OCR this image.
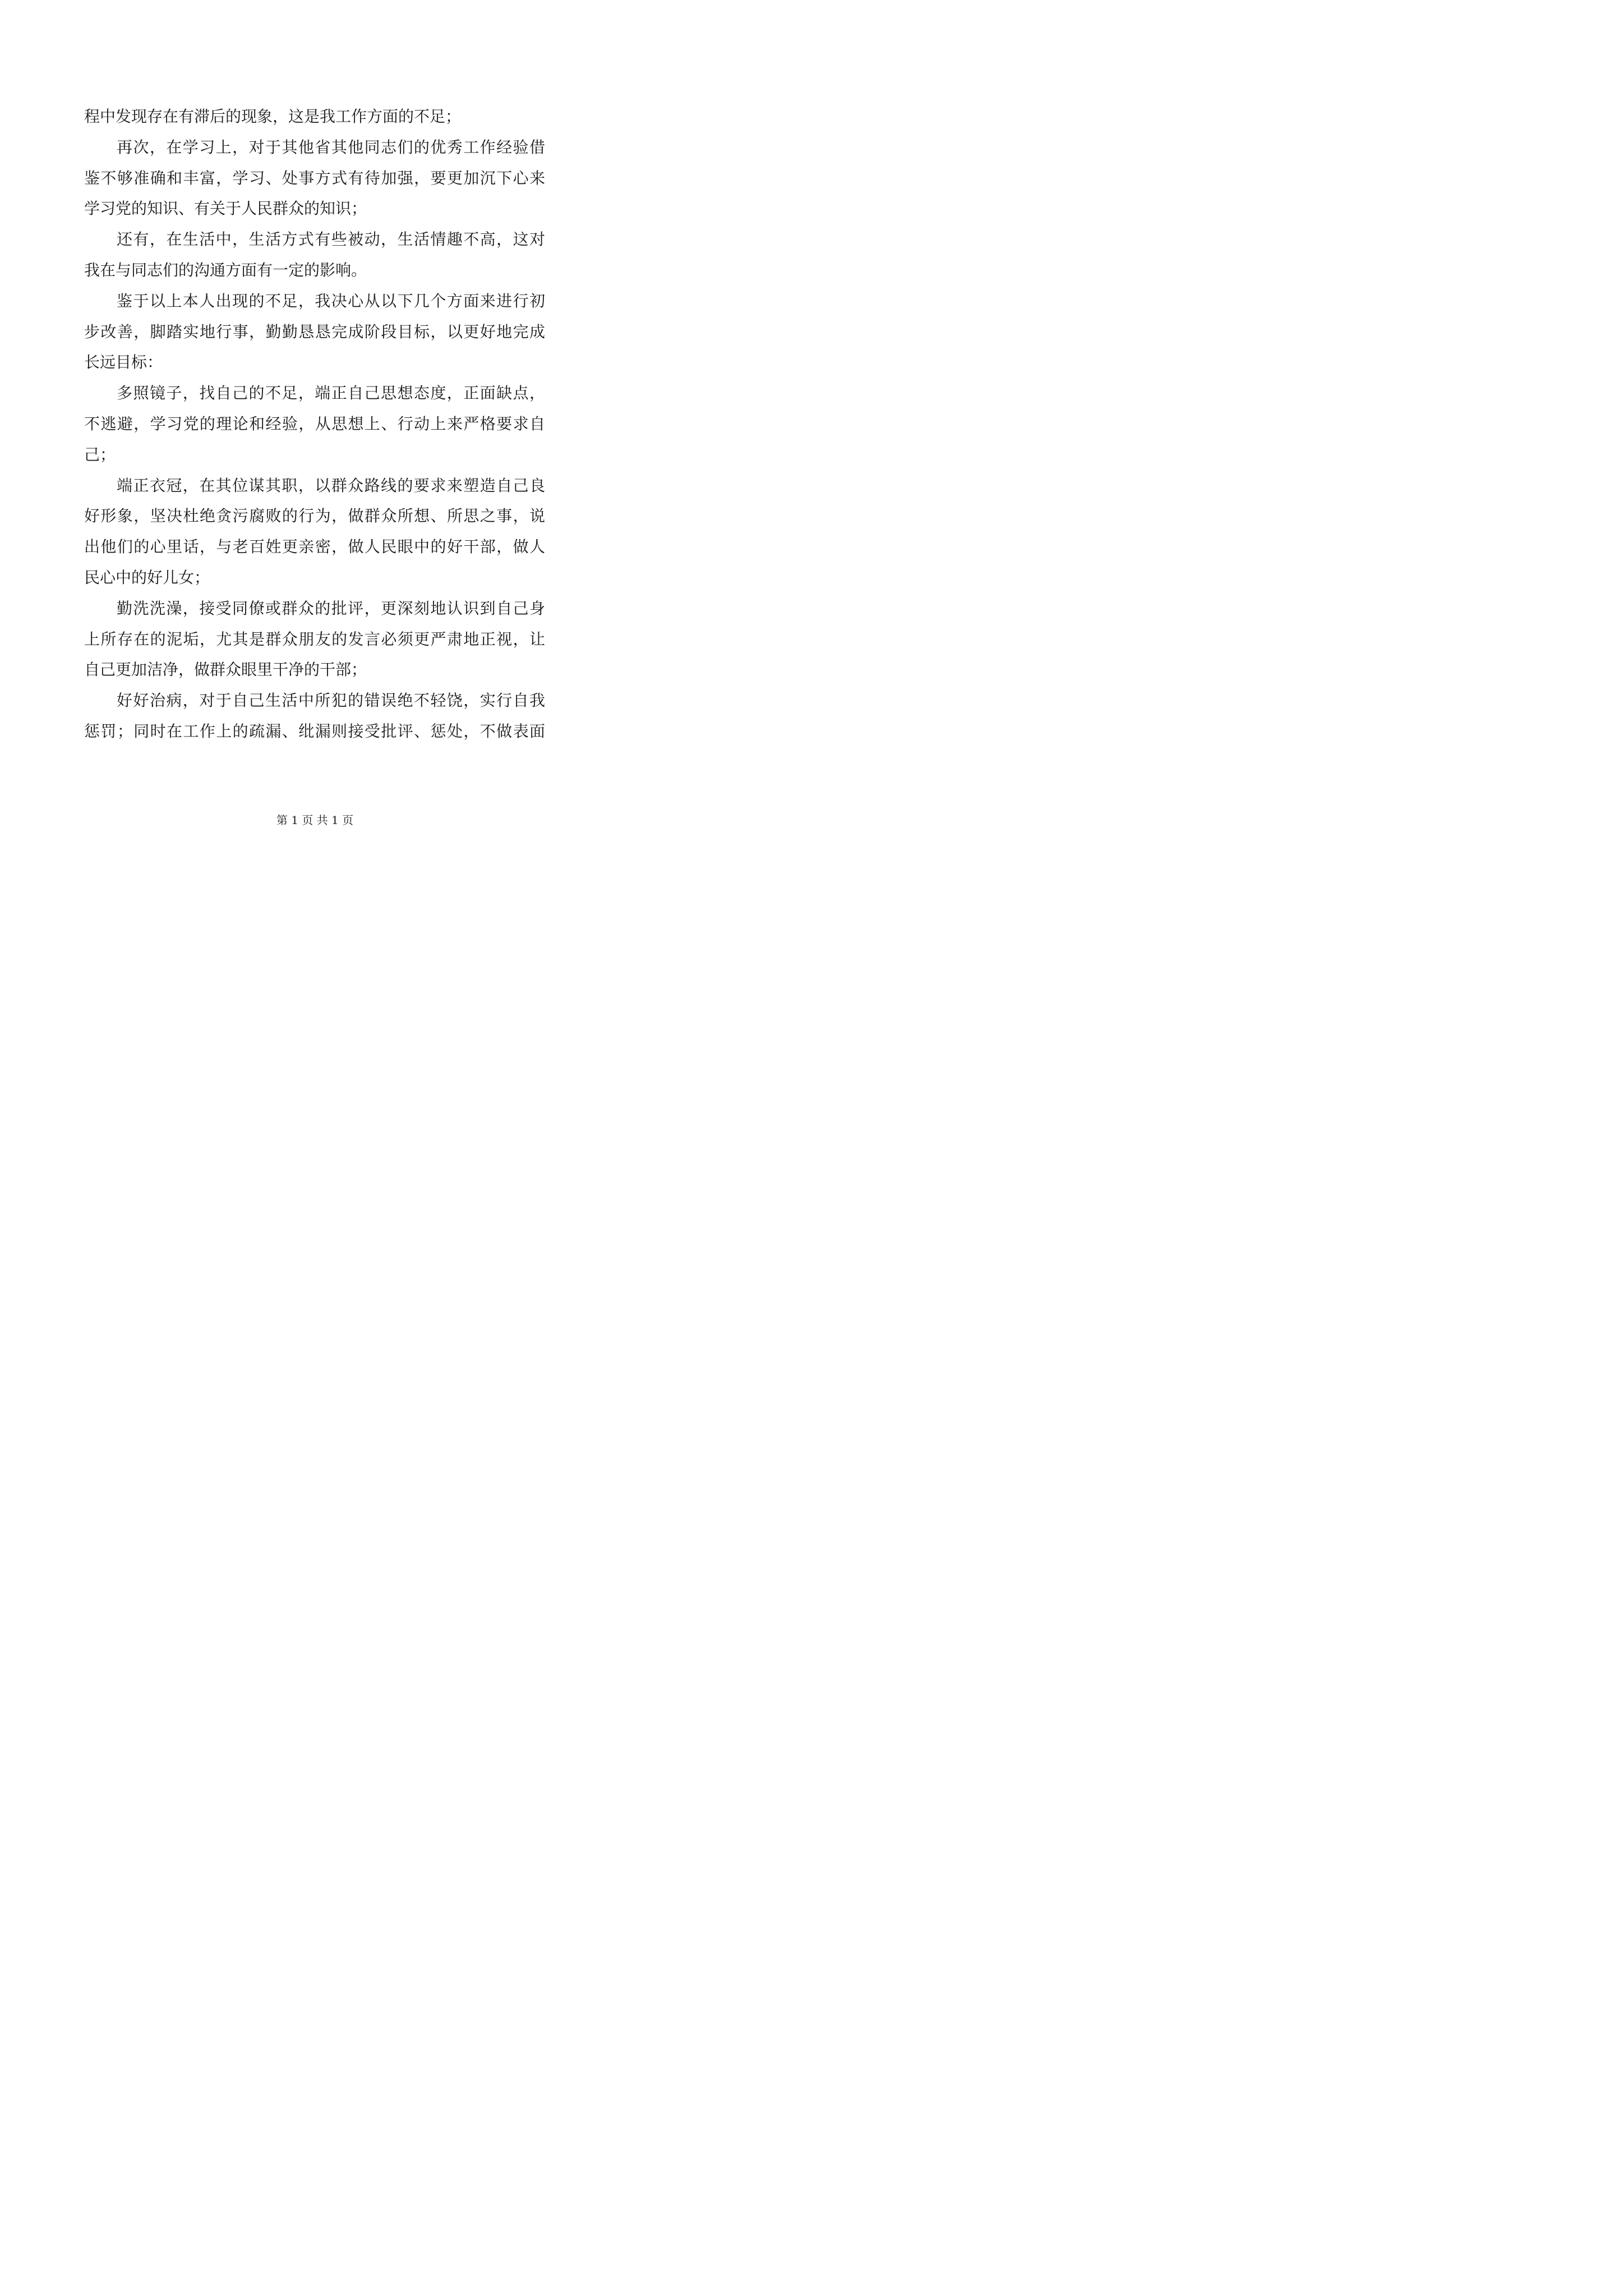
程中发现存在有滞后的现象，这是我工作方面的不足；
再次，在学习上，对于其他省其他同志们的优秀工作经验借
鉴不够准确和丰富，学习、处事方式有待加强，要更加沉下心来
学习党的知识、有关于人民群众的知识；
还有，在生活中，生活方式有些被动，生活情趣不高，这对
我在与同志们的沟通方面有一定的影响。
鉴于以上本人出现的不足，我决心从以下几个方面来进行初
步改善，脚踏实地行事，勤勤恳恳完成阶段目标，以更好地完成
长远目标：
多照镜子，找自己的不足，端正自己思想态度，正面缺点，
不逃避，学习党的理论和经验，从思想上、行动上来严格要求自
己；
端正衣冠，在其位谋其职，以群众路线的要求来塑造自己良
好形象，坚决杜绝贪污腐败的行为，做群众所想、所思之事，说
出他们的心里话，与老百姓更亲密，做人民眼中的好干部，做人
民心中的好儿女；
勤洗洗澡，接受同僚或群众的批评，更深刻地认识到自己身
上所存在的泥垢，尤其是群众朋友的发言必须更严肃地正视，让
自己更加洁净，做群众眼里干净的干部；
好好治病，对于自己生活中所犯的错误绝不轻饶，实行自我
惩罚；同时在工作上的疏漏、纰漏则接受批评、惩处，不做表面
第 1 页 共 1 页
